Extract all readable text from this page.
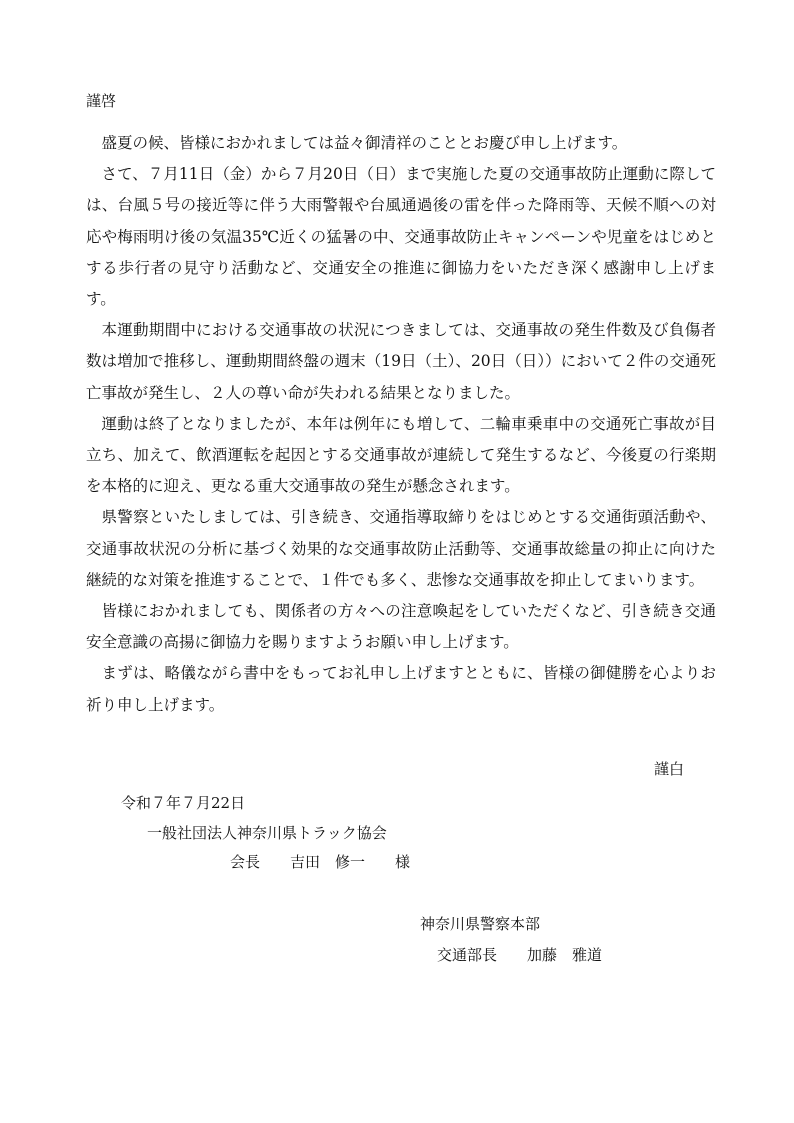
謹啓

盛夏の候、皆様におかれましては益々御清祥のこととお慶び申し上げます。

さて、７月11日（金）から７月20日（日）まで実施した夏の交通事故防止運動に際しては、台風５号の接近等に伴う大雨警報や台風通過後の雷を伴った降雨等、天候不順への対応や梅雨明け後の気温35℃近くの猛暑の中、交通事故防止キャンペーンや児童をはじめとする歩行者の見守り活動など、交通安全の推進に御協力をいただき深く感謝申し上げます。

本運動期間中における交通事故の状況につきましては、交通事故の発生件数及び負傷者数は増加で推移し、運動期間終盤の週末（19日（土）、20日（日））において２件の交通死亡事故が発生し、２人の尊い命が失われる結果となりました。

運動は終了となりましたが、本年は例年にも増して、二輪車乗車中の交通死亡事故が目立ち、加えて、飲酒運転を起因とする交通事故が連続して発生するなど、今後夏の行楽期を本格的に迎え、更なる重大交通事故の発生が懸念されます。

県警察といたしましては、引き続き、交通指導取締りをはじめとする交通街頭活動や、交通事故状況の分析に基づく効果的な交通事故防止活動等、交通事故総量の抑止に向けた継続的な対策を推進することで、１件でも多く、悲惨な交通事故を抑止してまいります。

皆様におかれましても、関係者の方々への注意喚起をしていただくなど、引き続き交通安全意識の高揚に御協力を賜りますようお願い申し上げます。

まずは、略儀ながら書中をもってお礼申し上げますとともに、皆様の御健勝を心よりお祈り申し上げます。

謹白
令和７年７月22日
一般社団法人神奈川県トラック協会
会長　　吉田　修一　　様
神奈川県警察本部
交通部長　　加藤　雅道
